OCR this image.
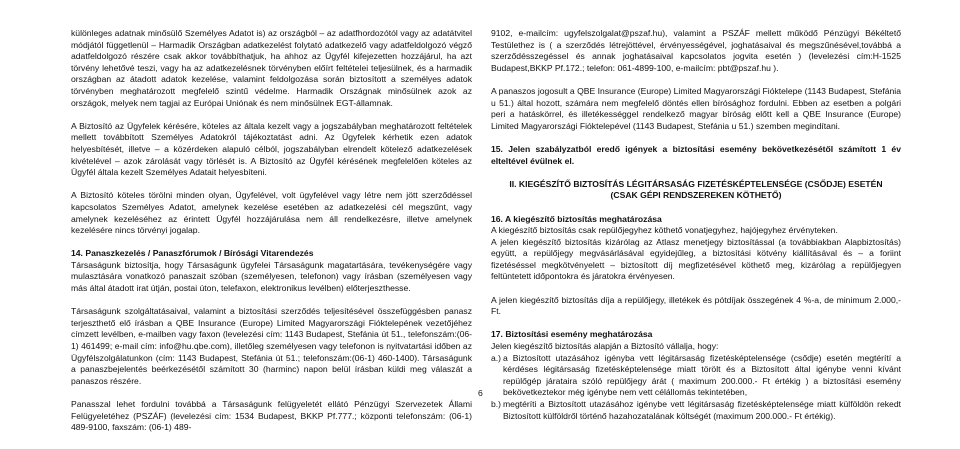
különleges adatnak minősülő Személyes Adatot is) az országból – az adatfhordozótól vagy az adatátvitel módjától függetlenül – Harmadik Országban adatkezelést folytató adatkezelő vagy adatfeldolgozó végző adatfeldolgozó részére csak akkor továbbíthatjuk, ha ahhoz az Ügyfél kifejezetten hozzájárul, ha azt törvény lehetővé teszi, vagy ha az adatkezelésnek törvényben előírt feltételei teljesülnek, és a harmadik országban az átadott adatok kezelése, valamint feldolgozása során biztosított a személyes adatok törvényben meghatározott megfelelő szintű védelme. Harmadik Országnak minősülnek azok az országok, melyek nem tagjai az Európai Uniónak és nem minősülnek EGT-államnak.

A Biztosító az Ügyfelek kérésére, köteles az általa kezelt vagy a jogszabályban meghatározott feltételek mellett továbbított Személyes Adatokról tájékoztatást adni. Az Ügyfelek kérhetik ezen adatok helyesbítését, illetve – a közérdeken alapuló célból, jogszabályban elrendelt kötelező adatkezelések kivételével – azok zárolását vagy törlését is. A Biztosító az Ügyfél kérésének megfelelően köteles az Ügyfél általa kezelt Személyes Adatait helyesbíteni.

A Biztosító köteles törölni minden olyan, Ügyfelével, volt ügyfelével vagy létre nem jött szerződéssel kapcsolatos Személyes Adatot, amelynek kezelése esetében az adatkezelési cél megszűnt, vagy amelynek kezeléséhez az érintett Ügyfél hozzájárulása nem áll rendelkezésre, illetve amelynek kezelésére nincs törvényi jogalap.

14. Panaszkezelés / Panaszfórumok / Bírósági Vitarendezés

Társaságunk biztosítja, hogy Társaságunk ügyfelei Társaságunk magatartására, tevékenységére vagy mulasztására vonatkozó panaszait szóban (személyesen, telefonon) vagy írásban (személyesen vagy más által átadott irat útján, postai úton, telefaxon, elektronikus levélben) előterjeszthesse.

Társaságunk szolgáltatásaival, valamint a biztosítási szerződés teljesítésével összefüggésben panasz terjeszthető elő írásban a QBE Insurance (Europe) Limited Magyarországi Fióktelepének vezetőjéhez címzett levélben, e-mailben vagy faxon (levelezési cím: 1143 Budapest, Stefánia út 51., telefonszám:(06-1) 461499; e-mail cím: info@hu.qbe.com), illetőleg személyesen vagy telefonon is nyitvatartási időben az Ügyfélszolgálatunkon (cím: 1143 Budapest, Stefánia út 51.; telefonszám:(06-1) 460-1400). Társaságunk a panaszbejelentés beérkezésétől számított 30 (harminc) napon belül írásban küldi meg válaszát a panaszos részére.

Panasszal lehet fordulni továbbá a Társaságunk felügyeletét ellátó Pénzügyi Szervezetek Állami Felügyeletéhez (PSZÁF) (levelezési cím: 1534 Budapest, BKKP Pf.777.; központi telefonszám: (06-1) 489-9100, faxszám: (06-1) 489-

6

9102, e-mailcím: ugyfelszolgalat@pszaf.hu), valamint a PSZÁF mellett működő Pénzügyi Békéltető Testülethez is ( a szerződés létrejöttével, érvényességével, joghatásaival és megszűnésével,továbbá a szerződésszegéssel és annak joghatásaival kapcsolatos jogvita esetén ) (levelezési cím:H-1525 Budapest,BKKP Pf.172.; telefon: 061-4899-100, e-mailcím: pbt@pszaf.hu ).

A panaszos jogosult a QBE Insurance (Europe) Limited Magyarországi Fióktelepe (1143 Budapest, Stefánia u 51.) által hozott, számára nem megfelelő döntés ellen bírósághoz fordulni. Ebben az esetben a polgári peri a hatáskörrel, és illetékességgel rendelkező magyar bíróság előtt kell a QBE Insurance (Europe) Limited Magyarországi Fióktelepével (1143 Budapest, Stefánia u 51.) szemben megindítani.

15. Jelen szabályzatból eredő igények a biztosítási esemény bekövetkezésétől számított 1 év elteltével évülnek el.

II. KIEGÉSZÍTŐ BIZTOSÍTÁS LÉGITÁRSASÁG FIZETÉSKÉPTELENSÉGE (CSŐDJE) ESETÉN

(CSAK GÉPI RENDSZEREKEN KÖTHETŐ)

16. A kiegészítő biztosítás meghatározása

A kiegészítő biztosítás csak repülőjegyhez köthető vonatjegyhez, hajójegyhez érvényteken.

A jelen kiegészítő biztosítás kizárólag az Atlasz menetjegy biztosítással (a továbbiakban Alapbiztosítás) együtt, a repülőjegy megvásárlásával egyidejűleg, a biztosítási kötvény kiállításával és – a foriint fizetéséssel megkötvényelett – biztosított díj megfizetésével köthető meg, kizárólag a repülőjegyen feltüntetett időpontokra és járatokra érvényesen.

A jelen kiegészítő biztosítás díja a repülőjegy, illetékek és pótdíjak összegének 4 %-a, de minimum 2.000,- Ft.

17. Biztosítási esemény meghatározása

Jelen kiegészítő biztosítás alapján a Biztosító vállalja, hogy:

a.) a Biztosított utazásához igényba vett légitársaság fizetésképtelensége (csődje) esetén megtérítí a kérdéses légitársaság fizetésképtelensége miatt törölt és a Biztosított által igénybe venni kívánt repülőgép járataira szóló repülőjegy árát ( maximum 200.000.- Ft értékig ) a biztosítási esemény bekövetkeztekor még igénybe nem vett célállomás tekintetében,
b.) megtéríti a Biztosított utazásához igénybe vett légitársaság fizetésképtelensége miatt külföldön rekedt Biztosított külföldről történő hazahozatalának költségét (maximum 200.000.- Ft értékig).
